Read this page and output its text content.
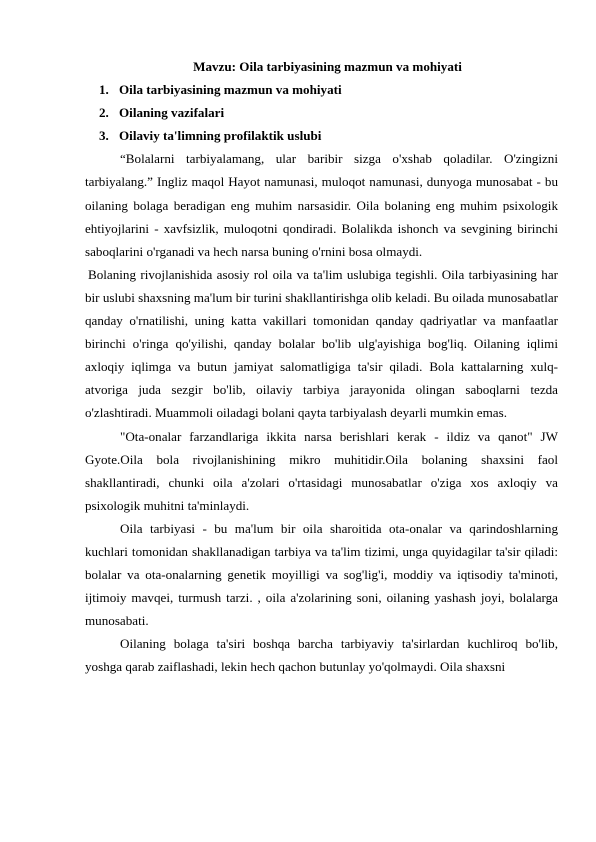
Mavzu: Oila tarbiyasining mazmun va mohiyati

1. Oila tarbiyasining mazmun va mohiyati
2. Oilaning vazifalari
3. Oilaviy ta'limning profilaktik uslubi

“Bolalarni tarbiyalamang, ular baribir sizga o'xshab qoladilar. O'zingizni tarbiyalang.” Ingliz maqol Hayot namunasi, muloqot namunasi, dunyoga munosabat - bu oilaning bolaga beradigan eng muhim narsasidir. Oila bolaning eng muhim psixologik ehtiyojlarini - xavfsizlik, muloqotni qondiradi. Bolalikda ishonch va sevgining birinchi saboqlarini o'rganadi va hech narsa buning o'rnini bosa olmaydi.

Bolaning rivojlanishida asosiy rol oila va ta'lim uslubiga tegishli. Oila tarbiyasining har bir uslubi shaxsning ma'lum bir turini shakllantirishga olib keladi. Bu oilada munosabatlar qanday o'rnatilishi, uning katta vakillari tomonidan qanday qadriyatlar va manfaatlar birinchi o'ringa qo'yilishi, qanday bolalar bo'lib ulg'ayishiga bog'liq. Oilaning iqlimi axloqiy iqlimga va butun jamiyat salomatligiga ta'sir qiladi. Bola kattalarning xulq-atvoriga juda sezgir bo'lib, oilaviy tarbiya jarayonida olingan saboqlarni tezda o'zlashtiradi. Muammoli oiladagi bolani qayta tarbiyalash deyarli mumkin emas.

"Ota-onalar farzandlariga ikkita narsa berishlari kerak - ildiz va qanot" JW Gyote.Oila bola rivojlanishining mikro muhitidir.Oila bolaning shaxsini faol shakllantiradi, chunki oila a'zolari o'rtasidagi munosabatlar o'ziga xos axloqiy va psixologik muhitni ta'minlaydi.

Oila tarbiyasi - bu ma'lum bir oila sharoitida ota-onalar va qarindoshlarning kuchlari tomonidan shakllanadigan tarbiya va ta'lim tizimi, unga quyidagilar ta'sir qiladi: bolalar va ota-onalarning genetik moyilligi va sog'lig'i, moddiy va iqtisodiy ta'minoti, ijtimoiy mavqei, turmush tarzi. , oila a'zolarining soni, oilaning yashash joyi, bolalarga munosabati.

Oilaning bolaga ta'siri boshqa barcha tarbiyaviy ta'sirlardan kuchliroq bo'lib, yoshga qarab zaiflashadi, lekin hech qachon butunlay yo'qolmaydi. Oila shaxsni
